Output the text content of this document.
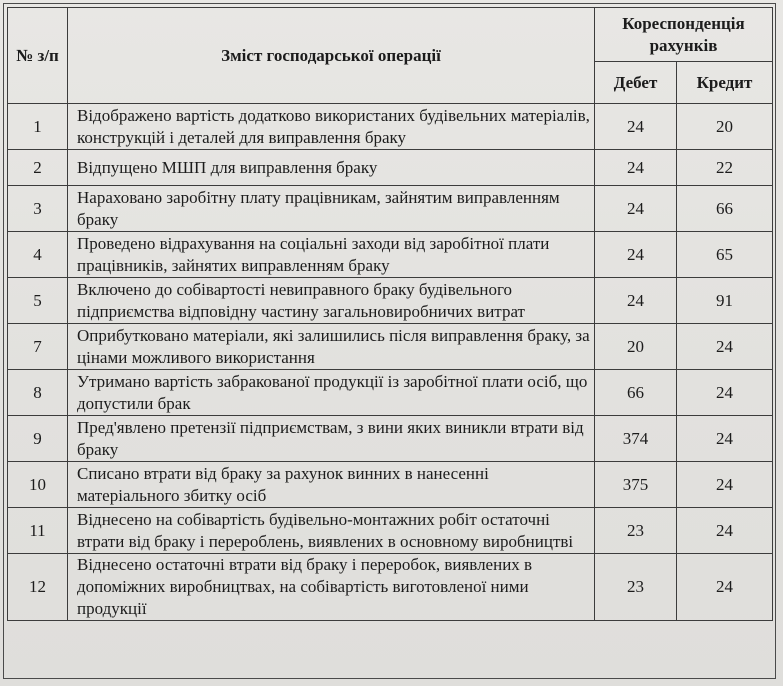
№ з/п	Зміст господарської операції	Кореспонденція рахунків	
		Дебет	Кредит
1	Відображено вартість додатково використаних будівельних матеріалів, конструкцій і деталей для виправлення браку	24	20
2	Відпущено МШП для виправлення браку	24	22
3	Нараховано заробітну плату працівникам, зайнятим виправленням браку	24	66
4	Проведено відрахування на соціальні заходи від заробітної плати працівників, зайнятих виправленням браку	24	65
5	Включено до собівартості невиправного браку будівельного підприємства відповідну частину загальновиробничих витрат	24	91
7	Оприбутковано матеріали, які залишились після виправлення браку, за цінами можливого використання	20	24
8	Утримано вартість забракованої продукції із заробітної плати осіб, що допустили брак	66	24
9	Пред'явлено претензії підприємствам, з вини яких виникли втрати від браку	374	24
10	Списано втрати від браку за рахунок винних в нанесенні матеріального збитку осіб	375	24
11	Віднесено на собівартість будівельно-монтажних робіт остаточні втрати від браку і перероблень, виявлених в основному виробництві	23	24
12	Віднесено остаточні втрати від браку і переробок, виявлених в допоміжних виробництвах, на собівартість виготовленої ними продукції	23	24
